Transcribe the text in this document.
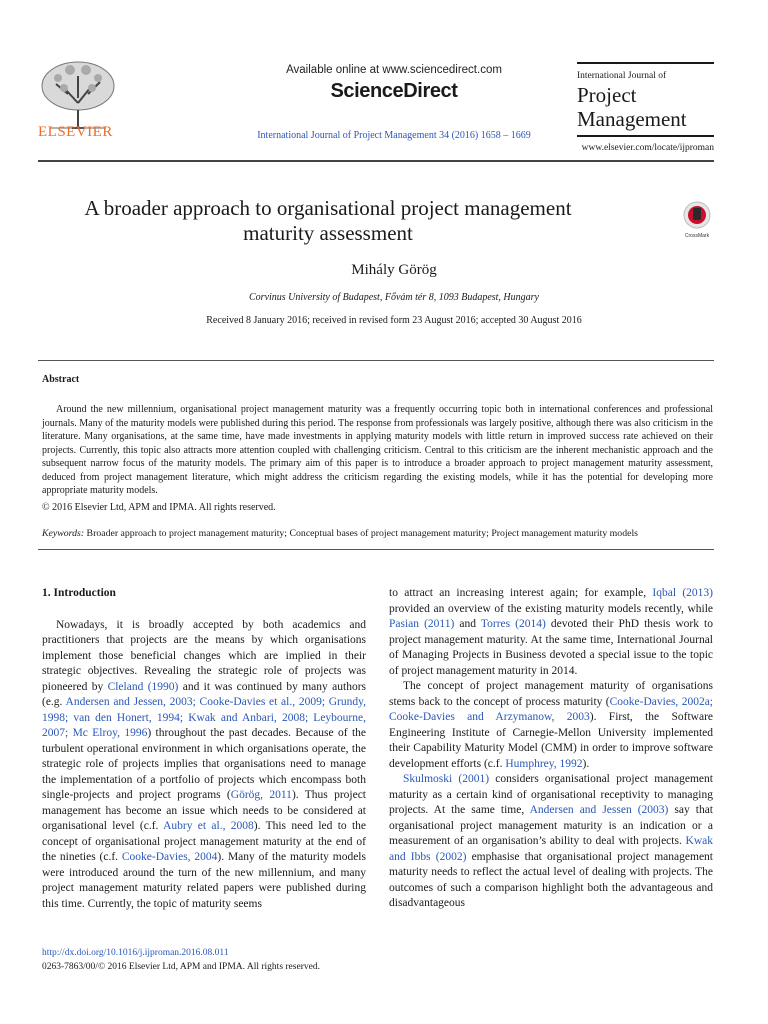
ELSEVIER
Available online at www.sciencedirect.com
ScienceDirect
International Journal of Project Management 34 (2016) 1658 – 1669
International Journal of
Project
Management
www.elsevier.com/locate/ijproman
A broader approach to organisational project management
maturity assessment	CrossMark
Mihály Görög
Corvinus University of Budapest, Fővám tér 8, 1093 Budapest, Hungary
Received 8 January 2016; received in revised form 23 August 2016; accepted 30 August 2016
Abstract
Around the new millennium, organisational project management maturity was a frequently occurring topic both in international conferences and professional journals. Many of the maturity models were published during this period. The response from professionals was largely positive, although there was also criticism in the literature. Many organisations, at the same time, have made investments in applying maturity models with little return in improved success rate achieved on their projects. Currently, this topic also attracts more attention coupled with challenging criticism. Central to this criticism are the inherent mechanistic approach and the subsequent narrow focus of the maturity models. The primary aim of this paper is to introduce a broader approach to project management maturity assessment, deduced from project management literature, which might address the criticism regarding the existing models, while it has the potential for developing more appropriate maturity models.
© 2016 Elsevier Ltd, APM and IPMA. All rights reserved.
Keywords: Broader approach to project management maturity; Conceptual bases of project management maturity; Project management maturity models

1. Introduction

Nowadays, it is broadly accepted by both academics and practitioners that projects are the means by which organisations implement those beneficial changes which are implied in their strategic objectives. Revealing the strategic role of projects was pioneered by Cleland (1990) and it was continued by many authors (e.g. Andersen and Jessen, 2003; Cooke-Davies et al., 2009; Grundy, 1998; van den Honert, 1994; Kwak and Anbari, 2008; Leybourne, 2007; Mc Elroy, 1996) throughout the past decades. Because of the turbulent operational environment in which organisations operate, the strategic role of projects implies that organisations need to manage the implementation of a portfolio of projects which encompass both single-projects and project programs (Görög, 2011). Thus project management has become an issue which needs to be considered at organisational level (c.f. Aubry et al., 2008). This need led to the concept of organisational project management maturity at the end of the nineties (c.f. Cooke-Davies, 2004). Many of the maturity models were introduced around the turn of the new millennium, and many project management maturity related papers were published during this time. Currently, the topic of maturity seems

to attract an increasing interest again; for example, Iqbal (2013) provided an overview of the existing maturity models recently, while Pasian (2011) and Torres (2014) devoted their PhD thesis work to project management maturity. At the same time, International Journal of Managing Projects in Business devoted a special issue to the topic of project management maturity in 2014.

The concept of project management maturity of organisations stems back to the concept of process maturity (Cooke-Davies, 2002a; Cooke-Davies and Arzymanow, 2003). First, the Software Engineering Institute of Carnegie-Mellon University implemented their Capability Maturity Model (CMM) in order to improve software development efforts (c.f. Humphrey, 1992).

Skulmoski (2001) considers organisational project management maturity as a certain kind of organisational receptivity to managing projects. At the same time, Andersen and Jessen (2003) say that organisational project management maturity is an indication or a measurement of an organisation’s ability to deal with projects. Kwak and Ibbs (2002) emphasise that organisational project management maturity needs to reflect the actual level of dealing with projects. The outcomes of such a comparison highlight both the advantageous and disadvantageous

http://dx.doi.org/10.1016/j.ijproman.2016.08.011
0263-7863/00/© 2016 Elsevier Ltd, APM and IPMA. All rights reserved.
